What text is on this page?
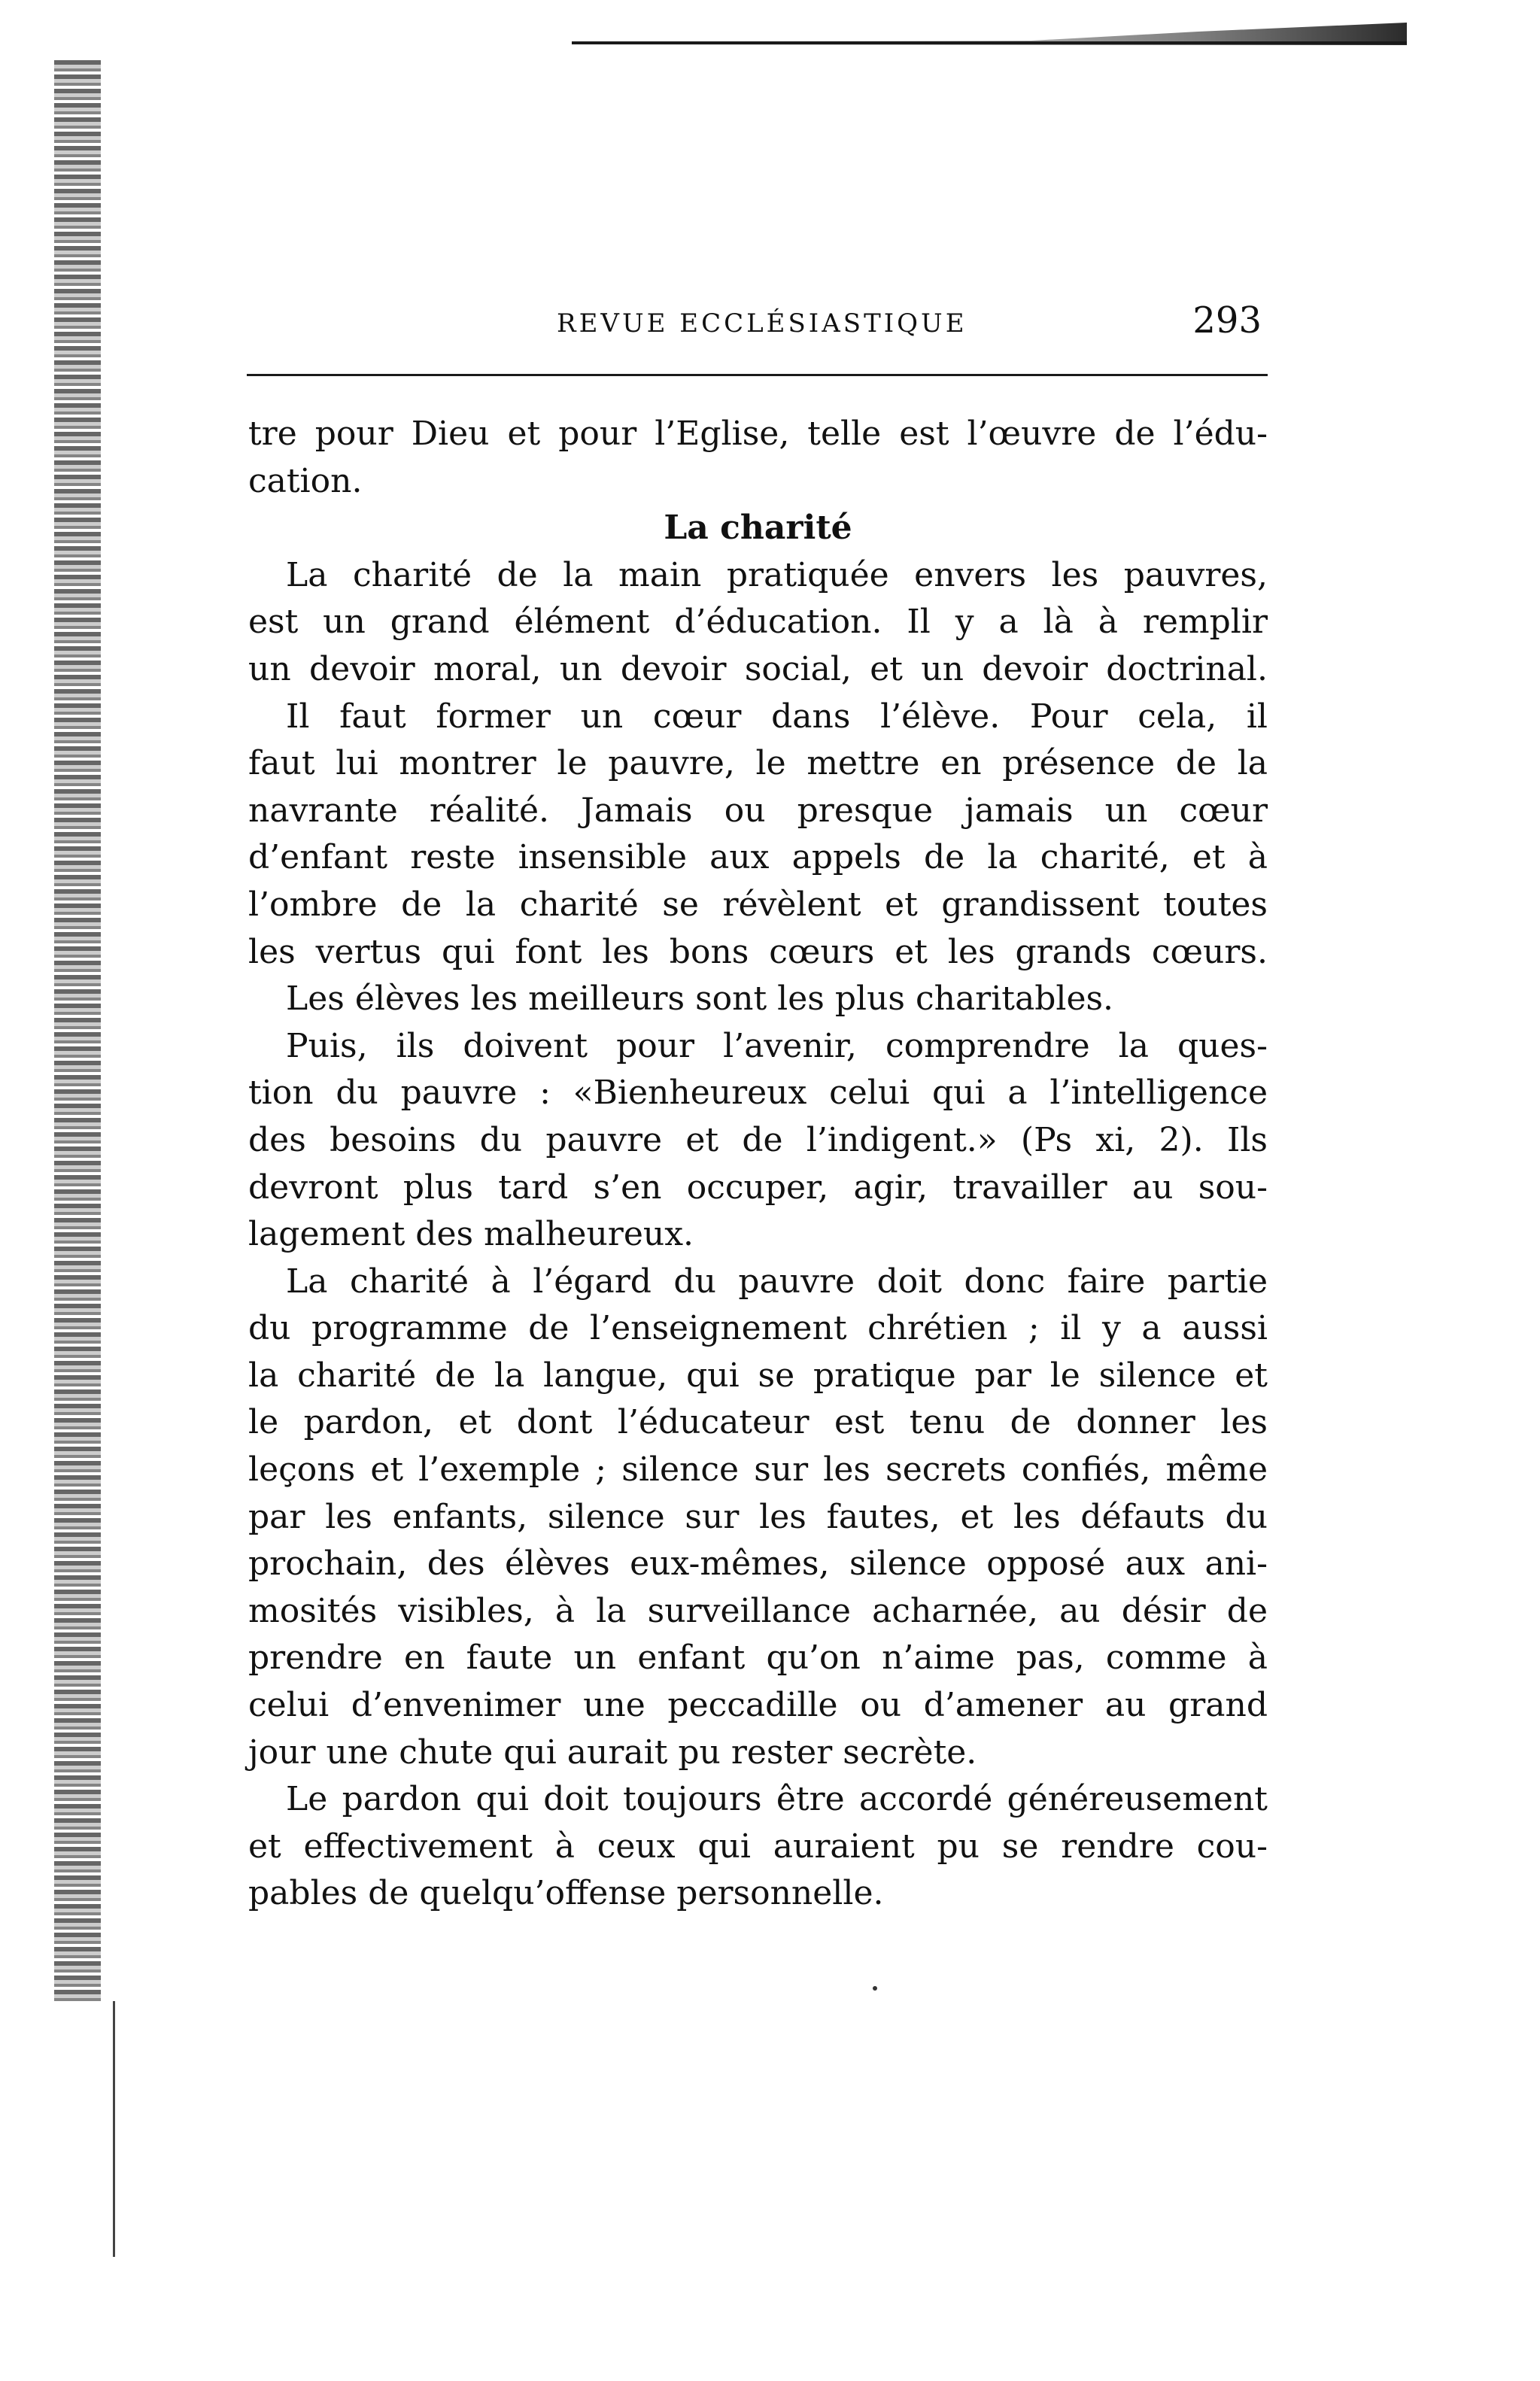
REVUE ECCLÉSIASTIQUE	293

tre pour Dieu et pour l’Eglise, telle est l’œuvre de l’édu-
cation.

La charité

La charité de la main pratiquée envers les pauvres,
est un grand élément d’éducation. Il y a là à remplir
un devoir moral, un devoir social, et un devoir doctrinal.

Il faut former un cœur dans l’élève. Pour cela, il
faut lui montrer le pauvre, le mettre en présence de la
navrante réalité. Jamais ou presque jamais un cœur
d’enfant reste insensible aux appels de la charité, et à
l’ombre de la charité se révèlent et grandissent toutes
les vertus qui font les bons cœurs et les grands cœurs.

Les élèves les meilleurs sont les plus charitables.

Puis, ils doivent pour l’avenir, comprendre la ques-
tion du pauvre : «Bienheureux celui qui a l’intelligence
des besoins du pauvre et de l’indigent.» (Ps xi, 2). Ils
devront plus tard s’en occuper, agir, travailler au sou-
lagement des malheureux.

La charité à l’égard du pauvre doit donc faire partie
du programme de l’enseignement chrétien ; il y a aussi
la charité de la langue, qui se pratique par le silence et
le pardon, et dont l’éducateur est tenu de donner les
leçons et l’exemple ; silence sur les secrets confiés, même
par les enfants, silence sur les fautes, et les défauts du
prochain, des élèves eux-mêmes, silence opposé aux ani-
mosités visibles, à la surveillance acharnée, au désir de
prendre en faute un enfant qu’on n’aime pas, comme à
celui d’envenimer une peccadille ou d’amener au grand
jour une chute qui aurait pu rester secrète.

Le pardon qui doit toujours être accordé généreusement
et effectivement à ceux qui auraient pu se rendre cou-
pables de quelqu’offense personnelle.
